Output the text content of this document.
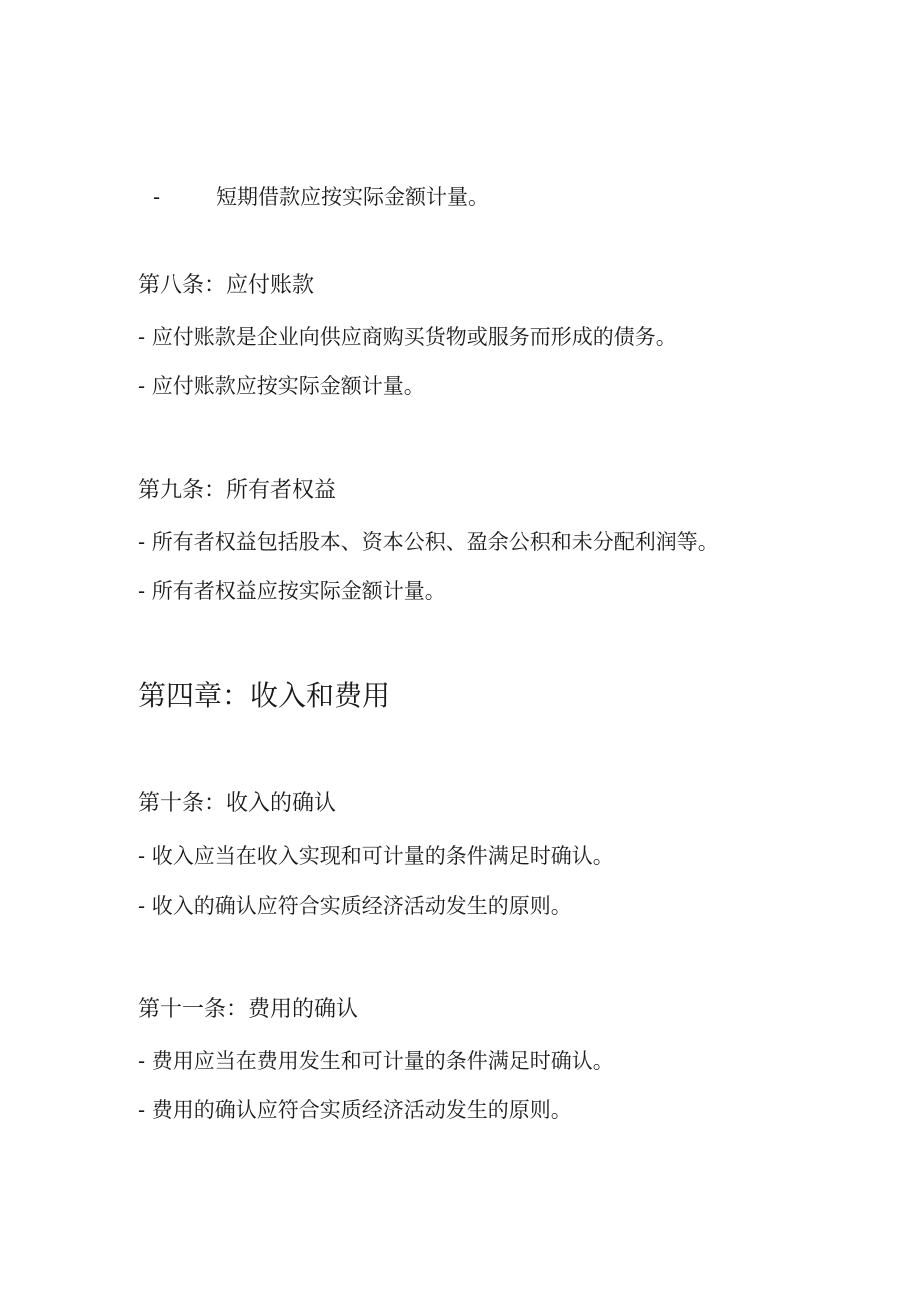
-	短期借款应按实际金额计量。
第八条：应付账款
- 应付账款是企业向供应商购买货物或服务而形成的债务。
- 应付账款应按实际金额计量。
第九条：所有者权益
- 所有者权益包括股本、资本公积、盈余公积和未分配利润等。
- 所有者权益应按实际金额计量。
第四章：收入和费用
第十条：收入的确认
- 收入应当在收入实现和可计量的条件满足时确认。
- 收入的确认应符合实质经济活动发生的原则。
第十一条：费用的确认
- 费用应当在费用发生和可计量的条件满足时确认。
- 费用的确认应符合实质经济活动发生的原则。
